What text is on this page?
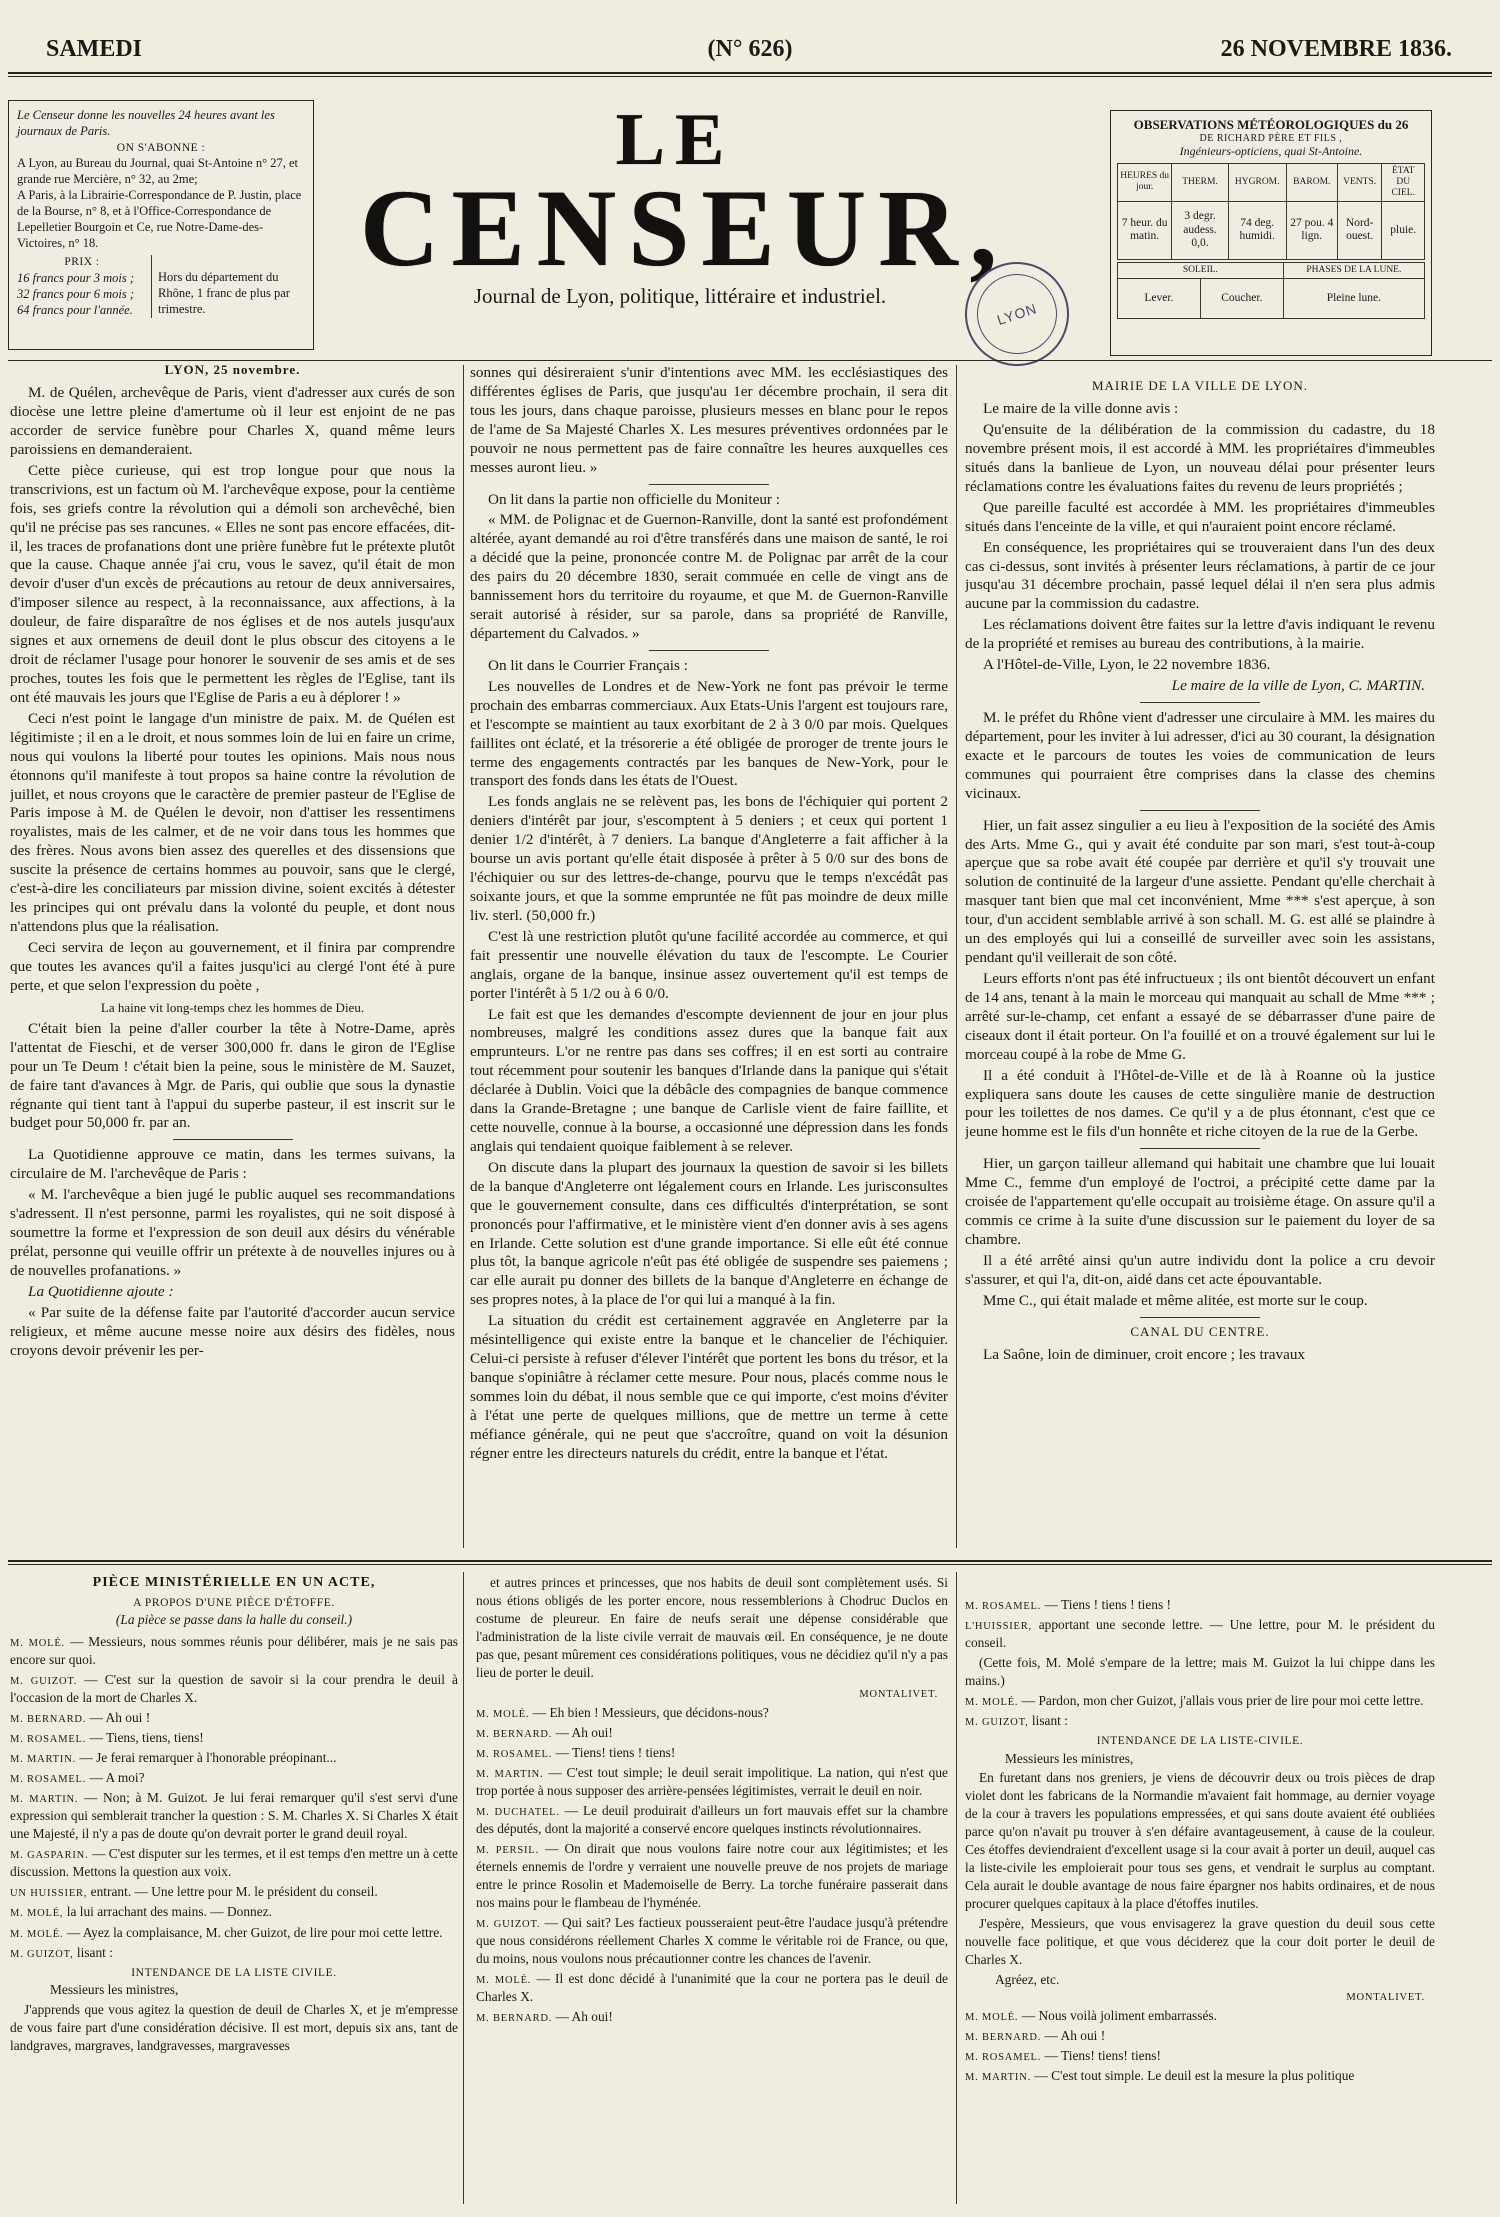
SAMEDI	(N° 626)	26 NOVEMBRE 1836.
Le Censeur donne les nouvelles 24 heures avant les journaux de Paris.
ON S'ABONNE :
A Lyon, au Bureau du Journal, quai St-Antoine n° 27, et grande rue Mercière, n° 32, au 2me;
A Paris, à la Librairie-Correspondance de P. Justin, place de la Bourse, n° 8, et à l'Office-Correspondance de Lepelletier Bourgoin et Ce, rue Notre-Dame-des-Victoires, n° 18.
PRIX :
16 francs pour 3 mois ;
32 francs pour 6 mois ;
64 francs pour l'année.
Hors du département du Rhône, 1 franc de plus par trimestre.
LE
CENSEUR,
Journal de Lyon, politique, littéraire et industriel.
LYON
OBSERVATIONS MÉTÉOROLOGIQUES du 26
DE RICHARD PÈRE ET FILS ,
Ingénieurs-opticiens, quai St-Antoine.
HEURES du jour.	THERM.	HYGROM.	BAROM.	VENTS.	ÉTAT DU CIEL.
7 heur. du matin.	3 degr. audess. 0,0.	74 deg. humidi.	27 pou. 4 lign.	Nord-ouest.	pluie.
SOLEIL.		PHASES DE LA LUNE.
Lever.	Coucher.	Pleine lune.
LYON, 25 novembre.

M. de Quélen, archevêque de Paris, vient d'adresser aux curés de son diocèse une lettre pleine d'amertume où il leur est enjoint de ne pas accorder de service funèbre pour Charles X, quand même leurs paroissiens en demanderaient.

Cette pièce curieuse, qui est trop longue pour que nous la transcrivions, est un factum où M. l'archevêque expose, pour la centième fois, ses griefs contre la révolution qui a démoli son archevêché, bien qu'il ne précise pas ses rancunes. « Elles ne sont pas encore effacées, dit-il, les traces de profanations dont une prière funèbre fut le prétexte plutôt que la cause. Chaque année j'ai cru, vous le savez, qu'il était de mon devoir d'user d'un excès de précautions au retour de deux anniversaires, d'imposer silence au respect, à la reconnaissance, aux affections, à la douleur, de faire disparaître de nos églises et de nos autels jusqu'aux signes et aux ornemens de deuil dont le plus obscur des citoyens a le droit de réclamer l'usage pour honorer le souvenir de ses amis et de ses proches, toutes les fois que le permettent les règles de l'Eglise, tant ils ont été mauvais les jours que l'Eglise de Paris a eu à déplorer ! »

Ceci n'est point le langage d'un ministre de paix. M. de Quélen est légitimiste ; il en a le droit, et nous sommes loin de lui en faire un crime, nous qui voulons la liberté pour toutes les opinions. Mais nous nous étonnons qu'il manifeste à tout propos sa haine contre la révolution de juillet, et nous croyons que le caractère de premier pasteur de l'Eglise de Paris impose à M. de Quélen le devoir, non d'attiser les ressentimens royalistes, mais de les calmer, et de ne voir dans tous les hommes que des frères. Nous avons bien assez des querelles et des dissensions que suscite la présence de certains hommes au pouvoir, sans que le clergé, c'est-à-dire les conciliateurs par mission divine, soient excités à détester les principes qui ont prévalu dans la volonté du peuple, et dont nous n'attendons plus que la réalisation.

Ceci servira de leçon au gouvernement, et il finira par comprendre que toutes les avances qu'il a faites jusqu'ici au clergé l'ont été à pure perte, et que selon l'expression du poète ,

La haine vit long-temps chez les hommes de Dieu.

C'était bien la peine d'aller courber la tête à Notre-Dame, après l'attentat de Fieschi, et de verser 300,000 fr. dans le giron de l'Eglise pour un Te Deum ! c'était bien la peine, sous le ministère de M. Sauzet, de faire tant d'avances à Mgr. de Paris, qui oublie que sous la dynastie régnante qui tient tant à l'appui du superbe pasteur, il est inscrit sur le budget pour 50,000 fr. par an.

La Quotidienne approuve ce matin, dans les termes suivans, la circulaire de M. l'archevêque de Paris :

« M. l'archevêque a bien jugé le public auquel ses recommandations s'adressent. Il n'est personne, parmi les royalistes, qui ne soit disposé à soumettre la forme et l'expression de son deuil aux désirs du vénérable prélat, personne qui veuille offrir un prétexte à de nouvelles injures ou à de nouvelles profanations. »

La Quotidienne ajoute :

« Par suite de la défense faite par l'autorité d'accorder aucun service religieux, et même aucune messe noire aux désirs des fidèles, nous croyons devoir prévenir les per-

sonnes qui désireraient s'unir d'intentions avec MM. les ecclésiastiques des différentes églises de Paris, que jusqu'au 1er décembre prochain, il sera dit tous les jours, dans chaque paroisse, plusieurs messes en blanc pour le repos de l'ame de Sa Majesté Charles X. Les mesures préventives ordonnées par le pouvoir ne nous permettent pas de faire connaître les heures auxquelles ces messes auront lieu. »

On lit dans la partie non officielle du Moniteur :

« MM. de Polignac et de Guernon-Ranville, dont la santé est profondément altérée, ayant demandé au roi d'être transférés dans une maison de santé, le roi a décidé que la peine, prononcée contre M. de Polignac par arrêt de la cour des pairs du 20 décembre 1830, serait commuée en celle de vingt ans de bannissement hors du territoire du royaume, et que M. de Guernon-Ranville serait autorisé à résider, sur sa parole, dans sa propriété de Ranville, département du Calvados. »

On lit dans le Courrier Français :

Les nouvelles de Londres et de New-York ne font pas prévoir le terme prochain des embarras commerciaux. Aux Etats-Unis l'argent est toujours rare, et l'escompte se maintient au taux exorbitant de 2 à 3 0/0 par mois. Quelques faillites ont éclaté, et la trésorerie a été obligée de proroger de trente jours le terme des engagements contractés par les banques de New-York, pour le transport des fonds dans les états de l'Ouest.

Les fonds anglais ne se relèvent pas, les bons de l'échiquier qui portent 2 deniers d'intérêt par jour, s'escomptent à 5 deniers ; et ceux qui portent 1 denier 1/2 d'intérêt, à 7 deniers. La banque d'Angleterre a fait afficher à la bourse un avis portant qu'elle était disposée à prêter à 5 0/0 sur des bons de l'échiquier ou sur des lettres-de-change, pourvu que le temps n'excédât pas soixante jours, et que la somme empruntée ne fût pas moindre de deux mille liv. sterl. (50,000 fr.)

C'est là une restriction plutôt qu'une facilité accordée au commerce, et qui fait pressentir une nouvelle élévation du taux de l'escompte. Le Courier anglais, organe de la banque, insinue assez ouvertement qu'il est temps de porter l'intérêt à 5 1/2 ou à 6 0/0.

Le fait est que les demandes d'escompte deviennent de jour en jour plus nombreuses, malgré les conditions assez dures que la banque fait aux emprunteurs. L'or ne rentre pas dans ses coffres; il en est sorti au contraire tout récemment pour soutenir les banques d'Irlande dans la panique qui s'était déclarée à Dublin. Voici que la débâcle des compagnies de banque commence dans la Grande-Bretagne ; une banque de Carlisle vient de faire faillite, et cette nouvelle, connue à la bourse, a occasionné une dépression dans les fonds anglais qui tendaient quoique faiblement à se relever.

On discute dans la plupart des journaux la question de savoir si les billets de la banque d'Angleterre ont légalement cours en Irlande. Les jurisconsultes que le gouvernement consulte, dans ces difficultés d'interprétation, se sont prononcés pour l'affirmative, et le ministère vient d'en donner avis à ses agens en Irlande. Cette solution est d'une grande importance. Si elle eût été connue plus tôt, la banque agricole n'eût pas été obligée de suspendre ses paiemens ; car elle aurait pu donner des billets de la banque d'Angleterre en échange de ses propres notes, à la place de l'or qui lui a manqué à la fin.

La situation du crédit est certainement aggravée en Angleterre par la mésintelligence qui existe entre la banque et le chancelier de l'échiquier. Celui-ci persiste à refuser d'élever l'intérêt que portent les bons du trésor, et la banque s'opiniâtre à réclamer cette mesure. Pour nous, placés comme nous le sommes loin du débat, il nous semble que ce qui importe, c'est moins d'éviter à l'état une perte de quelques millions, que de mettre un terme à cette méfiance générale, qui ne peut que s'accroître, quand on voit la désunion régner entre les directeurs naturels du crédit, entre la banque et l'état.

MAIRIE DE LA VILLE DE LYON.

Le maire de la ville donne avis :

Qu'ensuite de la délibération de la commission du cadastre, du 18 novembre présent mois, il est accordé à MM. les propriétaires d'immeubles situés dans la banlieue de Lyon, un nouveau délai pour présenter leurs réclamations contre les évaluations faites du revenu de leurs propriétés ;

Que pareille faculté est accordée à MM. les propriétaires d'immeubles situés dans l'enceinte de la ville, et qui n'auraient point encore réclamé.

En conséquence, les propriétaires qui se trouveraient dans l'un des deux cas ci-dessus, sont invités à présenter leurs réclamations, à partir de ce jour jusqu'au 31 décembre prochain, passé lequel délai il n'en sera plus admis aucune par la commission du cadastre.

Les réclamations doivent être faites sur la lettre d'avis indiquant le revenu de la propriété et remises au bureau des contributions, à la mairie.

A l'Hôtel-de-Ville, Lyon, le 22 novembre 1836.

Le maire de la ville de Lyon, C. MARTIN.

M. le préfet du Rhône vient d'adresser une circulaire à MM. les maires du département, pour les inviter à lui adresser, d'ici au 30 courant, la désignation exacte et le parcours de toutes les voies de communication de leurs communes qui pourraient être comprises dans la classe des chemins vicinaux.

Hier, un fait assez singulier a eu lieu à l'exposition de la société des Amis des Arts. Mme G., qui y avait été conduite par son mari, s'est tout-à-coup aperçue que sa robe avait été coupée par derrière et qu'il s'y trouvait une solution de continuité de la largeur d'une assiette. Pendant qu'elle cherchait à masquer tant bien que mal cet inconvénient, Mme *** s'est aperçue, à son tour, d'un accident semblable arrivé à son schall. M. G. est allé se plaindre à un des employés qui lui a conseillé de surveiller avec soin les assistans, pendant qu'il veillerait de son côté.

Leurs efforts n'ont pas été infructueux ; ils ont bientôt découvert un enfant de 14 ans, tenant à la main le morceau qui manquait au schall de Mme *** ; arrêté sur-le-champ, cet enfant a essayé de se débarrasser d'une paire de ciseaux dont il était porteur. On l'a fouillé et on a trouvé également sur lui le morceau coupé à la robe de Mme G.

Il a été conduit à l'Hôtel-de-Ville et de là à Roanne où la justice expliquera sans doute les causes de cette singulière manie de destruction pour les toilettes de nos dames. Ce qu'il y a de plus étonnant, c'est que ce jeune homme est le fils d'un honnête et riche citoyen de la rue de la Gerbe.

Hier, un garçon tailleur allemand qui habitait une chambre que lui louait Mme C., femme d'un employé de l'octroi, a précipité cette dame par la croisée de l'appartement qu'elle occupait au troisième étage. On assure qu'il a commis ce crime à la suite d'une discussion sur le paiement du loyer de sa chambre.

Il a été arrêté ainsi qu'un autre individu dont la police a cru devoir s'assurer, et qui l'a, dit-on, aidé dans cet acte épouvantable.

Mme C., qui était malade et même alitée, est morte sur le coup.

CANAL DU CENTRE.

La Saône, loin de diminuer, croit encore ; les travaux

PIÈCE MINISTÉRIELLE EN UN ACTE,

A PROPOS D'UNE PIÈCE D'ÉTOFFE.

(La pièce se passe dans la halle du conseil.)

M. MOLÉ. — Messieurs, nous sommes réunis pour délibérer, mais je ne sais pas encore sur quoi.

M. GUIZOT. — C'est sur la question de savoir si la cour prendra le deuil à l'occasion de la mort de Charles X.

M. BERNARD. — Ah oui !

M. ROSAMEL. — Tiens, tiens, tiens!

M. MARTIN. — Je ferai remarquer à l'honorable préopinant...

M. ROSAMEL. — A moi?

M. MARTIN. — Non; à M. Guizot. Je lui ferai remarquer qu'il s'est servi d'une expression qui semblerait trancher la question : S. M. Charles X. Si Charles X était une Majesté, il n'y a pas de doute qu'on devrait porter le grand deuil royal.

M. GASPARIN. — C'est disputer sur les termes, et il est temps d'en mettre un à cette discussion. Mettons la question aux voix.

UN HUISSIER, entrant. — Une lettre pour M. le président du conseil.

M. MOLÉ, la lui arrachant des mains. — Donnez.

M. MOLÉ. — Ayez la complaisance, M. cher Guizot, de lire pour moi cette lettre.

M. GUIZOT, lisant :

INTENDANCE DE LA LISTE CIVILE.

Messieurs les ministres,

J'apprends que vous agitez la question de deuil de Charles X, et je m'empresse de vous faire part d'une considération décisive. Il est mort, depuis six ans, tant de landgraves, margraves, landgravesses, margravesses

et autres princes et princesses, que nos habits de deuil sont complètement usés. Si nous étions obligés de les porter encore, nous ressemblerions à Chodruc Duclos en costume de pleureur. En faire de neufs serait une dépense considérable que l'administration de la liste civile verrait de mauvais œil. En conséquence, je ne doute pas que, pesant mûrement ces considérations politiques, vous ne décidiez qu'il n'y a pas lieu de porter le deuil.

MONTALIVET.

M. MOLÉ. — Eh bien ! Messieurs, que décidons-nous?

M. BERNARD. — Ah oui!

M. ROSAMEL. — Tiens! tiens ! tiens!

M. MARTIN. — C'est tout simple; le deuil serait impolitique. La nation, qui n'est que trop portée à nous supposer des arrière-pensées légitimistes, verrait le deuil en noir.

M. DUCHATEL. — Le deuil produirait d'ailleurs un fort mauvais effet sur la chambre des députés, dont la majorité a conservé encore quelques instincts révolutionnaires.

M. PERSIL. — On dirait que nous voulons faire notre cour aux légitimistes; et les éternels ennemis de l'ordre y verraient une nouvelle preuve de nos projets de mariage entre le prince Rosolin et Mademoiselle de Berry. La torche funéraire passerait dans nos mains pour le flambeau de l'hyménée.

M. GUIZOT. — Qui sait? Les factieux pousseraient peut-être l'audace jusqu'à prétendre que nous considérons réellement Charles X comme le véritable roi de France, ou que, du moins, nous voulons nous précautionner contre les chances de l'avenir.

M. MOLÉ. — Il est donc décidé à l'unanimité que la cour ne portera pas le deuil de Charles X.

M. BERNARD. — Ah oui!

M. ROSAMEL. — Tiens ! tiens ! tiens !

L'HUISSIER, apportant une seconde lettre. — Une lettre, pour M. le président du conseil.

(Cette fois, M. Molé s'empare de la lettre; mais M. Guizot la lui chippe dans les mains.)

M. MOLÉ. — Pardon, mon cher Guizot, j'allais vous prier de lire pour moi cette lettre.

M. GUIZOT, lisant :

INTENDANCE DE LA LISTE-CIVILE.

Messieurs les ministres,

En furetant dans nos greniers, je viens de découvrir deux ou trois pièces de drap violet dont les fabricans de la Normandie m'avaient fait hommage, au dernier voyage de la cour à travers les populations empressées, et qui sans doute avaient été oubliées parce qu'on n'avait pu trouver à s'en défaire avantageusement, à cause de la couleur. Ces étoffes deviendraient d'excellent usage si la cour avait à porter un deuil, auquel cas la liste-civile les emploierait pour tous ses gens, et vendrait le surplus au comptant. Cela aurait le double avantage de nous faire épargner nos habits ordinaires, et de nous procurer quelques capitaux à la place d'étoffes inutiles.

J'espère, Messieurs, que vous envisagerez la grave question du deuil sous cette nouvelle face politique, et que vous déciderez que la cour doit porter le deuil de Charles X.

Agréez, etc.

MONTALIVET.

M. MOLÉ. — Nous voilà joliment embarrassés.

M. BERNARD. — Ah oui !

M. ROSAMEL. — Tiens! tiens! tiens!

M. MARTIN. — C'est tout simple. Le deuil est la mesure la plus politique
